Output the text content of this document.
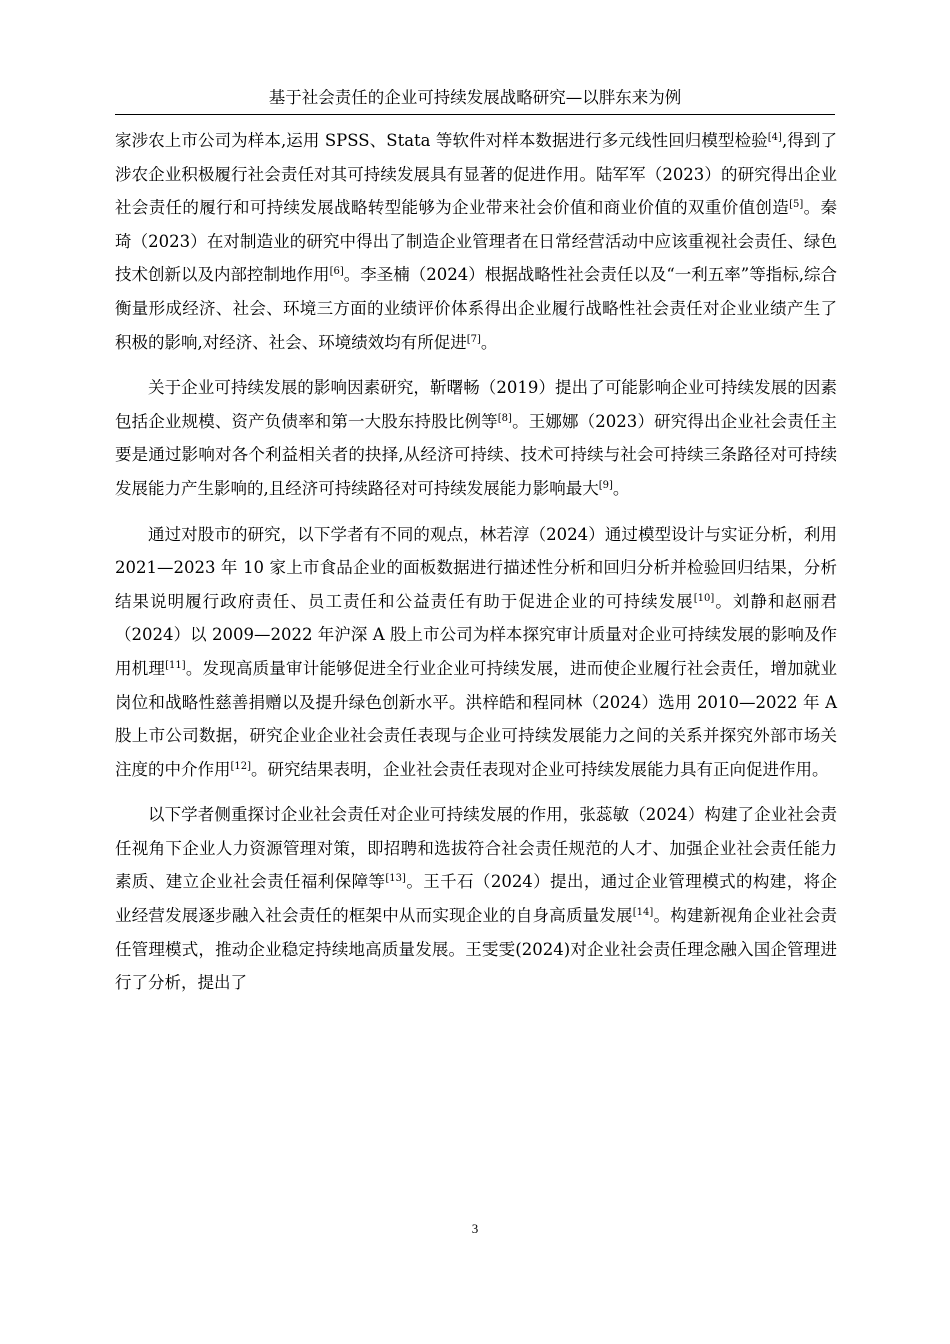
基于社会责任的企业可持续发展战略研究—以胖东来为例

家涉农上市公司为样本,运用 SPSS、Stata 等软件对样本数据进行多元线性回归模型检验[4],得到了涉农企业积极履行社会责任对其可持续发展具有显著的促进作用。陆军军（2023）的研究得出企业社会责任的履行和可持续发展战略转型能够为企业带来社会价值和商业价值的双重价值创造[5]。秦琦（2023）在对制造业的研究中得出了制造企业管理者在日常经营活动中应该重视社会责任、绿色技术创新以及内部控制地作用[6]。李圣楠（2024）根据战略性社会责任以及“一利五率”等指标,综合衡量形成经济、社会、环境三方面的业绩评价体系得出企业履行战略性社会责任对企业业绩产生了积极的影响,对经济、社会、环境绩效均有所促进[7]。

关于企业可持续发展的影响因素研究，靳曙畅（2019）提出了可能影响企业可持续发展的因素包括企业规模、资产负债率和第一大股东持股比例等[8]。王娜娜（2023）研究得出企业社会责任主要是通过影响对各个利益相关者的抉择,从经济可持续、技术可持续与社会可持续三条路径对可持续发展能力产生影响的,且经济可持续路径对可持续发展能力影响最大[9]。

通过对股市的研究，以下学者有不同的观点，林若淳（2024）通过模型设计与实证分析，利用 2021—2023 年 10 家上市食品企业的面板数据进行描述性分析和回归分析并检验回归结果，分析结果说明履行政府责任、员工责任和公益责任有助于促进企业的可持续发展[10]。刘静和赵丽君（2024）以 2009—2022 年沪深 A 股上市公司为样本探究审计质量对企业可持续发展的影响及作用机理[11]。发现高质量审计能够促进全行业企业可持续发展，进而使企业履行社会责任，增加就业岗位和战略性慈善捐赠以及提升绿色创新水平。洪梓皓和程同林（2024）选用 2010—2022 年 A 股上市公司数据，研究企业企业社会责任表现与企业可持续发展能力之间的关系并探究外部市场关注度的中介作用[12]。研究结果表明，企业社会责任表现对企业可持续发展能力具有正向促进作用。

以下学者侧重探讨企业社会责任对企业可持续发展的作用，张蕊敏（2024）构建了企业社会责任视角下企业人力资源管理对策，即招聘和选拔符合社会责任规范的人才、加强企业社会责任能力素质、建立企业社会责任福利保障等[13]。王千石（2024）提出，通过企业管理模式的构建，将企业经营发展逐步融入社会责任的框架中从而实现企业的自身高质量发展[14]。构建新视角企业社会责任管理模式，推动企业稳定持续地高质量发展。王雯雯(2024)对企业社会责任理念融入国企管理进行了分析，提出了

3
